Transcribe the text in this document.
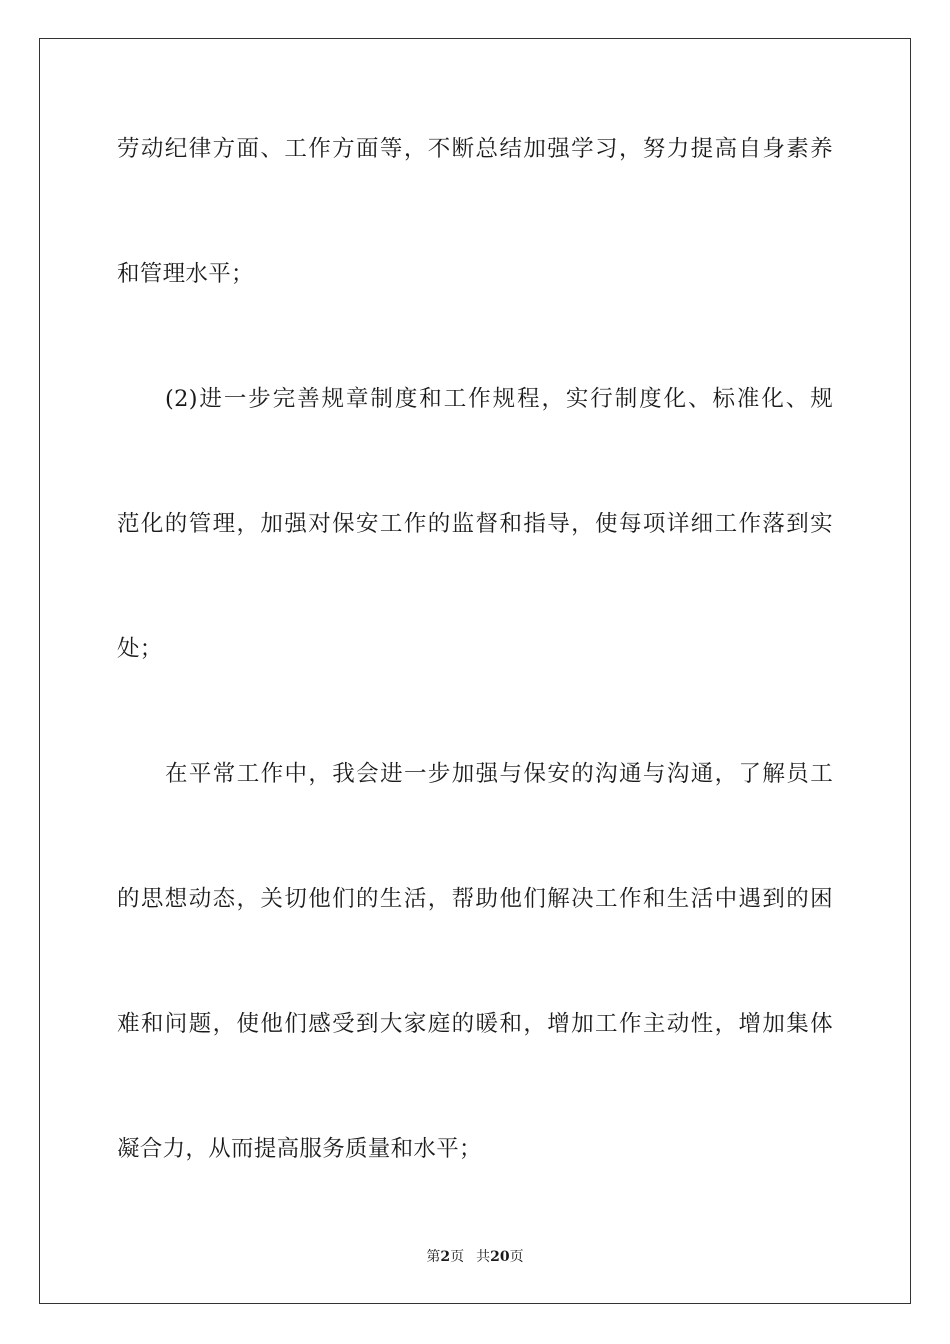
劳动纪律方面、工作方面等，不断总结加强学习，努力提高自身素养
和管理水平；
(2)进一步完善规章制度和工作规程，实行制度化、标准化、规
范化的管理，加强对保安工作的监督和指导，使每项详细工作落到实
处；
在平常工作中，我会进一步加强与保安的沟通与沟通，了解员工
的思想动态，关切他们的生活，帮助他们解决工作和生活中遇到的困
难和问题，使他们感受到大家庭的暖和，增加工作主动性，增加集体
凝合力，从而提高服务质量和水平；
第2页 共20页
